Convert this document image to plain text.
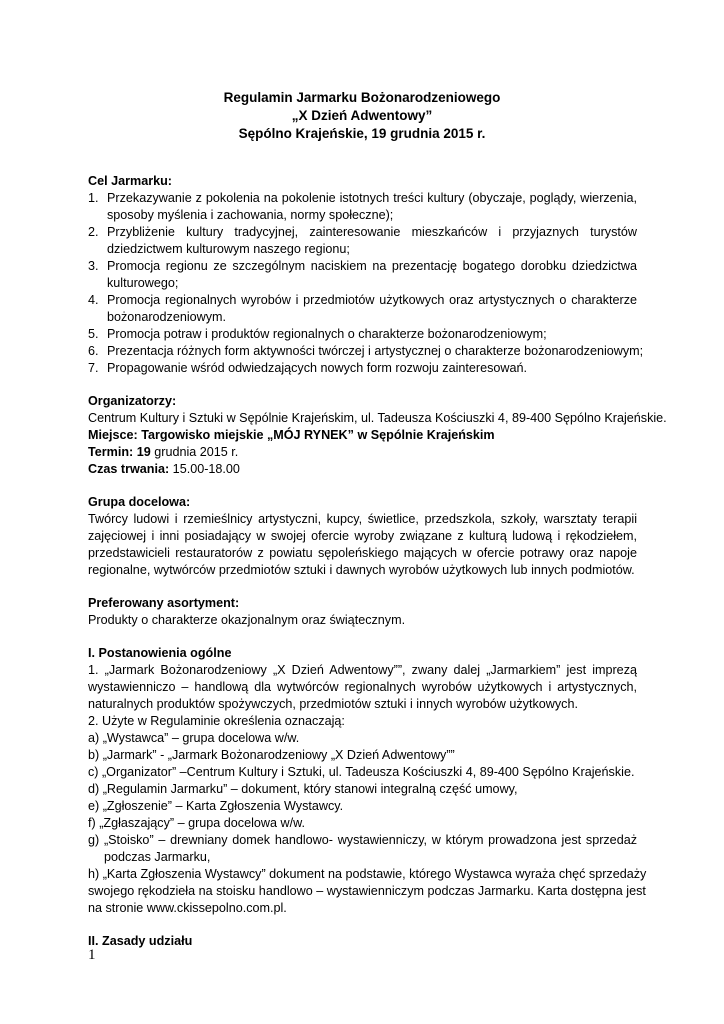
Regulamin Jarmarku Bożonarodzeniowego
„X Dzień Adwentowy”
Sępólno Krajeńskie, 19 grudnia 2015 r.
Cel Jarmarku:
1. Przekazywanie z pokolenia na pokolenie istotnych treści kultury (obyczaje, poglądy, wierzenia,
sposoby myślenia i zachowania, normy społeczne);
2. Przybliżenie kultury tradycyjnej, zainteresowanie mieszkańców i przyjaznych turystów
dziedzictwem kulturowym naszego regionu;
3. Promocja regionu ze szczególnym naciskiem na prezentację bogatego dorobku dziedzictwa
kulturowego;
4. Promocja regionalnych wyrobów i przedmiotów użytkowych oraz artystycznych o charakterze
bożonarodzeniowym.
5. Promocja potraw i produktów regionalnych o charakterze bożonarodzeniowym;
6. Prezentacja różnych form aktywności twórczej i artystycznej o charakterze bożonarodzeniowym;
7. Propagowanie wśród odwiedzających nowych form rozwoju zainteresowań.
Organizatorzy:
Centrum Kultury i Sztuki w Sępólnie Krajeńskim, ul. Tadeusza Kościuszki 4, 89-400 Sępólno Krajeńskie.
Miejsce: Targowisko miejskie „MÓJ RYNEK” w Sępólnie Krajeńskim
Termin: 19 grudnia 2015 r.
Czas trwania: 15.00-18.00
Grupa docelowa:
Twórcy ludowi i rzemieślnicy artystyczni, kupcy, świetlice, przedszkola, szkoły, warsztaty terapii
zajęciowej i inni posiadający w swojej ofercie wyroby związane z kulturą ludową i rękodziełem,
przedstawicieli restauratorów z powiatu sępoleńskiego mających w ofercie potrawy oraz napoje
regionalne, wytwórców przedmiotów sztuki i dawnych wyrobów użytkowych lub innych podmiotów.
Preferowany asortyment:
Produkty o charakterze okazjonalnym oraz świątecznym.
I. Postanowienia ogólne
1. „Jarmark Bożonarodzeniowy „X Dzień Adwentowy””, zwany dalej „Jarmarkiem” jest imprezą
wystawienniczo – handlową dla wytwórców regionalnych wyrobów użytkowych i artystycznych,
naturalnych produktów spożywczych, przedmiotów sztuki i innych wyrobów użytkowych.
2. Użyte w Regulaminie określenia oznaczają:
a) „Wystawca” – grupa docelowa w/w.
b) „Jarmark” - „Jarmark Bożonarodzeniowy „X Dzień Adwentowy””
c) „Organizator” –Centrum Kultury i Sztuki, ul. Tadeusza Kościuszki 4, 89-400 Sępólno Krajeńskie.
d) „Regulamin Jarmarku” – dokument, który stanowi integralną część umowy,
e) „Zgłoszenie” – Karta Zgłoszenia Wystawcy.
f) „Zgłaszający” – grupa docelowa w/w.
g) „Stoisko” – drewniany domek handlowo- wystawienniczy, w którym prowadzona jest sprzedaż
podczas Jarmarku,
h) „Karta Zgłoszenia Wystawcy” dokument na podstawie, którego Wystawca wyraża chęć sprzedaży
swojego rękodzieła na stoisku handlowo – wystawienniczym podczas Jarmarku. Karta dostępna jest
na stronie www.ckissepolno.com.pl.
II. Zasady udziału
1
